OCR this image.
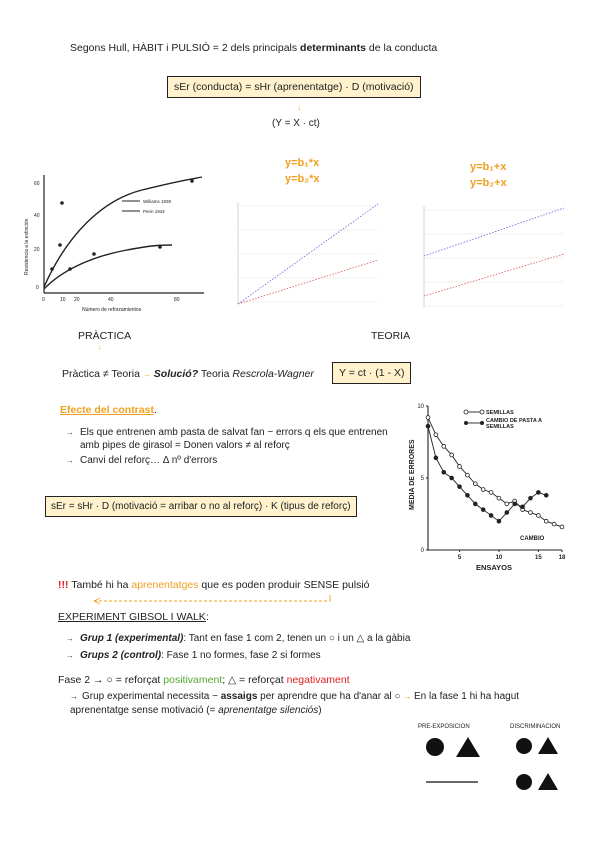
Segons Hull, HÀBIT i PULSIÓ = 2 dels principals determinants de la conducta
sEr (conducta) = sHr (aprenentatge) · D (motivació)
↓
(Y = X · ct)
60
40
20
0
0	10 20	40	80
Número de reforzamientos
Resistencia a la extinción
Williams 1938
Perin 1942
y=b₁*x
y=b₂*x
y=b₁+x
y=b₂+x
PRÀCTICA
↓
TEORIA
Pràctica ≠ Teoria → Solució? Teoria Rescrola-Wagner	Y = ct · (1 - X)
Efecte del contrast.
→ Els que entrenen amb pasta de salvat fan − errors q els que entrenen amb pipes de girasol = Donen valors ≠ al reforç
→ Canvi del reforç… Δ nº d'errors
sEr = sHr · D (motivació = arribar o no al reforç) · K (tipus de reforç)	MEDIA DE ERRORES
ENSAYOS
0
5
10
5	10	15	18
SEMILLAS
CAMBIO DE PASTA A SEMILLAS
CAMBIO
!!! També hi ha aprenentatges que es poden produir SENSE pulsió
EXPERIMENT GIBSOL I WALK:
→ Grup 1 (experimental): Tant en fase 1 com 2, tenen un ○ i un △ a la gàbia
→ Grups 2 (control): Fase 1 no formes, fase 2 si formes
Fase 2 → ○ = reforçat positivament; △ = reforçat negativament
→ Grup experimental necessita − assaigs per aprendre que ha d'anar al ○ → En la fase 1 hi ha hagut aprenentatge sense motivació (= aprenentatge silenciós)
PRE-EXPOSICION	DISCRIMINACION
